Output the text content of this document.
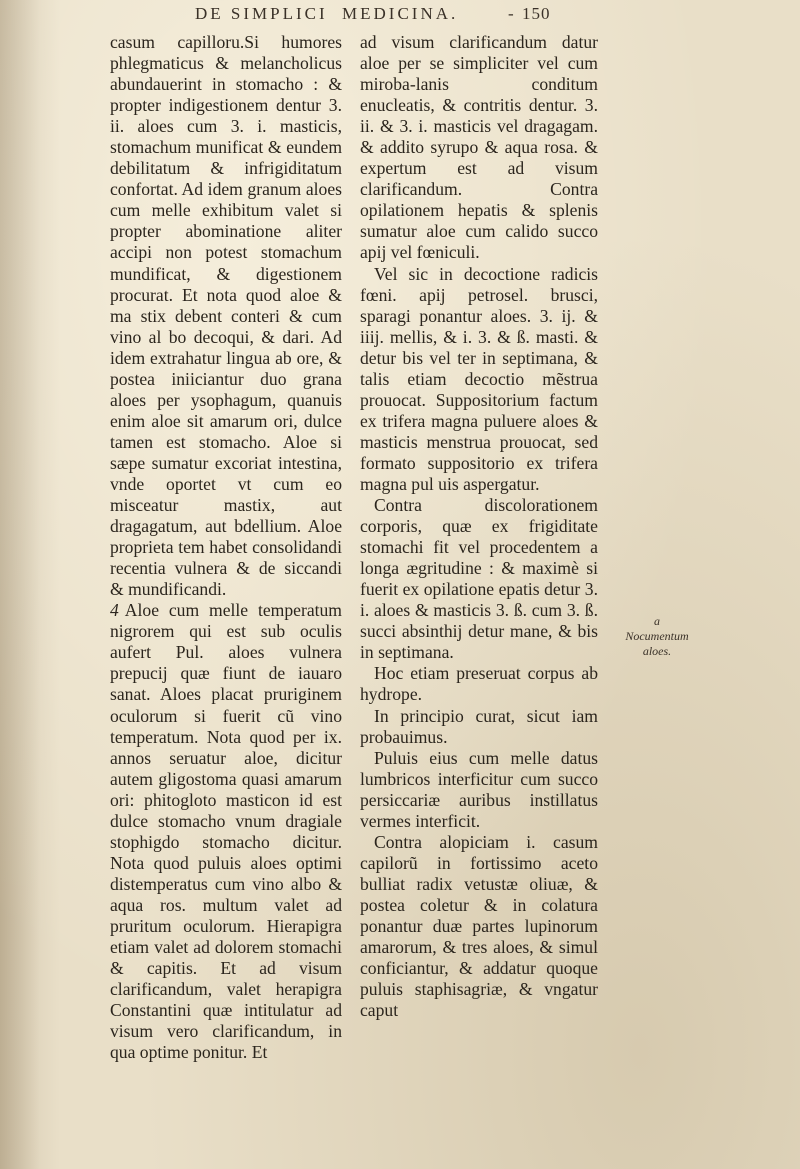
DE SIMPLICI MEDICINA.	- 150

casum capilloru.Si humores phlegmaticus & melancholicus abundauerint in stomacho : & propter indigestionem dentur 3. ii. aloes cum 3. i. masticis, stomachum munificat & eundem debilitatum & infrigiditatum confortat. Ad idem granum aloes cum melle exhibitum valet si propter abominatione aliter accipi non potest stomachum mundificat, & digestionem procurat. Et nota quod aloe & ma stix debent conteri & cum vino al bo decoqui, & dari. Ad idem extrahatur lingua ab ore, & postea iniiciantur duo grana aloes per ysophagum, quanuis enim aloe sit amarum ori, dulce tamen est stomacho. Aloe si sæpe sumatur excoriat intestina, vnde oportet vt cum eo misceatur mastix, aut dragagatum, aut bdellium. Aloe proprieta tem habet consolidandi recentia vulnera & de siccandi & mundificandi.

4 Aloe cum melle temperatum nigrorem qui est sub oculis aufert Pul. aloes vulnera prepucij quæ fiunt de iauaro sanat. Aloes placat pruriginem oculorum si fuerit cũ vino temperatum. Nota quod per ix. annos seruatur aloe, dicitur autem gligostoma quasi amarum ori: phitogloto masticon id est dulce stomacho vnum dragiale stophigdo stomacho dicitur. Nota quod puluis aloes optimi distemperatus cum vino albo & aqua ros. multum valet ad pruritum oculorum. Hierapigra etiam valet ad dolorem stomachi & capitis. Et ad visum clarificandum, valet herapigra Constantini quæ intitulatur ad visum vero clarificandum, in qua optime ponitur. Et

ad visum clarificandum datur aloe per se simpliciter vel cum miroba-lanis conditum enucleatis, & contritis dentur. 3. ii. & 3. i. masticis vel dragagam. & addito syrupo & aqua rosa. & expertum est ad visum clarificandum. Contra opilationem hepatis & splenis sumatur aloe cum calido succo apij vel fœniculi.

Vel sic in decoctione radicis fœni. apij petrosel. brusci, sparagi ponantur aloes. 3. ij. & iiij. mellis, & i. 3. & ß. masti. & detur bis vel ter in septimana, & talis etiam decoctio mẽstrua prouocat. Suppositorium factum ex trifera magna puluere aloes & masticis menstrua prouocat, sed formato suppositorio ex trifera magna pul uis aspergatur.

Contra discolorationem corporis, quæ ex frigiditate stomachi fit vel procedentem a longa ægritudine : & maximè si fuerit ex opilatione epatis detur 3. i. aloes & masticis 3. ß. cum 3. ß. succi absinthij detur mane, & bis in septimana.

Hoc etiam preseruat corpus ab hydrope.

In principio curat, sicut iam probauimus.

Puluis eius cum melle datus lumbricos interficitur cum succo persiccariæ auribus instillatus vermes interficit.

Contra alopiciam i. casum capilorũ in fortissimo aceto bulliat radix vetustæ oliuæ, & postea coletur & in colatura ponantur duæ partes lupinorum amarorum, & tres aloes, & simul conficiantur, & addatur quoque puluis staphisagriæ, & vngatur caput

a
Nocumentum aloes.
